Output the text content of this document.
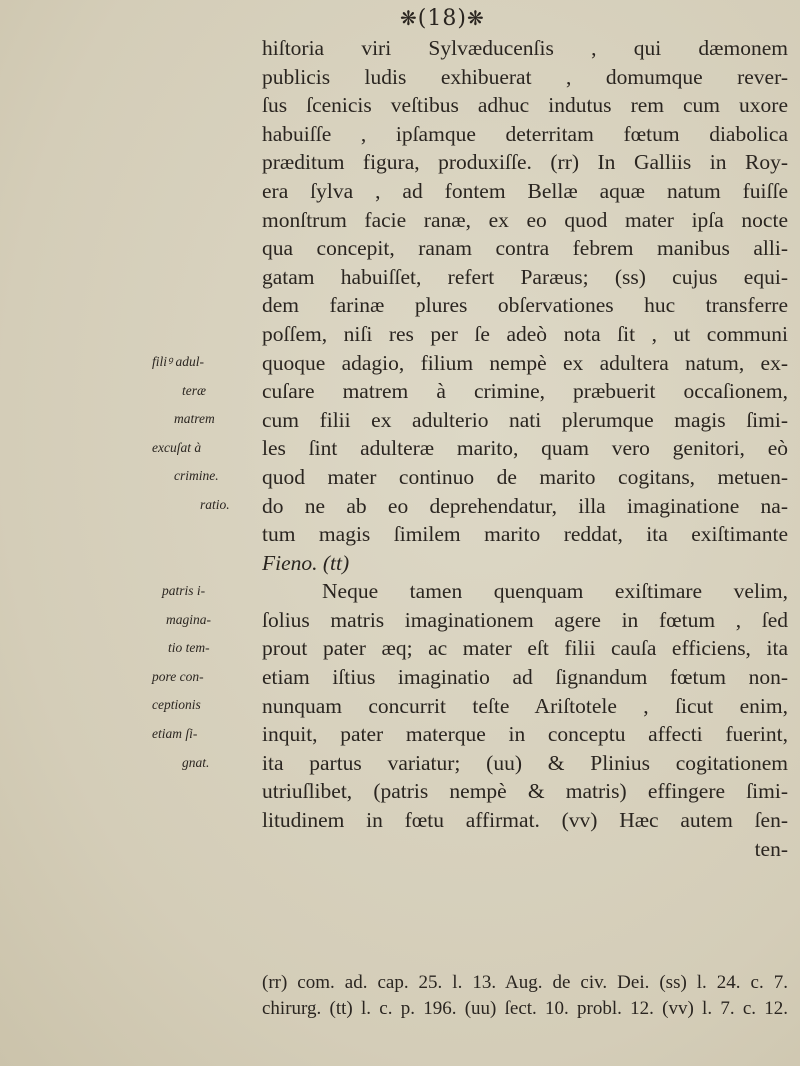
❋(18)❋
hiſtoria viri Sylvæducenſis , qui dæmonem
publicis ludis exhibuerat , domumque rever-
ſus ſcenicis veſtibus adhuc indutus rem cum uxore
habuiſſe , ipſamque deterritam fœtum diabolica
præditum figura, produxiſſe. (rr) In Galliis in Roy-
era ſylva , ad fontem Bellæ aquæ natum fuiſſe
monſtrum facie ranæ, ex eo quod mater ipſa nocte
qua concepit, ranam contra febrem manibus alli-
gatam habuiſſet, refert Paræus; (ss) cujus equi-
dem farinæ plures obſervationes huc transferre
poſſem, niſi res per ſe adeò nota ſit , ut communi
quoque adagio, filium nempè ex adultera natum, ex-
cuſare matrem à crimine, præbuerit occaſionem,
cum filii ex adulterio nati plerumque magis ſimi-
les ſint adulteræ marito, quam vero genitori, eò
quod mater continuo de marito cogitans, metuen-
do ne ab eo deprehendatur, illa imaginatione na-
tum magis ſimilem marito reddat, ita exiſtimante
Fieno. (tt)
Neque tamen quenquam exiſtimare velim,
ſolius matris imaginationem agere in fœtum , ſed
prout pater æq; ac mater eſt filii cauſa efficiens, ita
etiam iſtius imaginatio ad ſignandum fœtum non-
nunquam concurrit teſte Ariſtotele , ſicut enim,
inquit, pater materque in conceptu affecti fuerint,
ita partus variatur; (uu) & Plinius cogitationem
utriuſlibet, (patris nempè & matris) effingere ſimi-
litudinem in fœtu affirmat. (vv) Hæc autem ſen-
ten-
filiꝰ adul-
teræ
matrem
excuſat à
crimine.
ratio.
patris i-
magina-
tio tem-
pore con-
ceptionis
etiam ſi-
gnat.
(rr) com. ad. cap. 25. l. 13. Aug. de civ. Dei. (ss) l. 24. c. 7.
chirurg. (tt) l. c. p. 196. (uu) ſect. 10. probl. 12. (vv) l. 7. c. 12.
